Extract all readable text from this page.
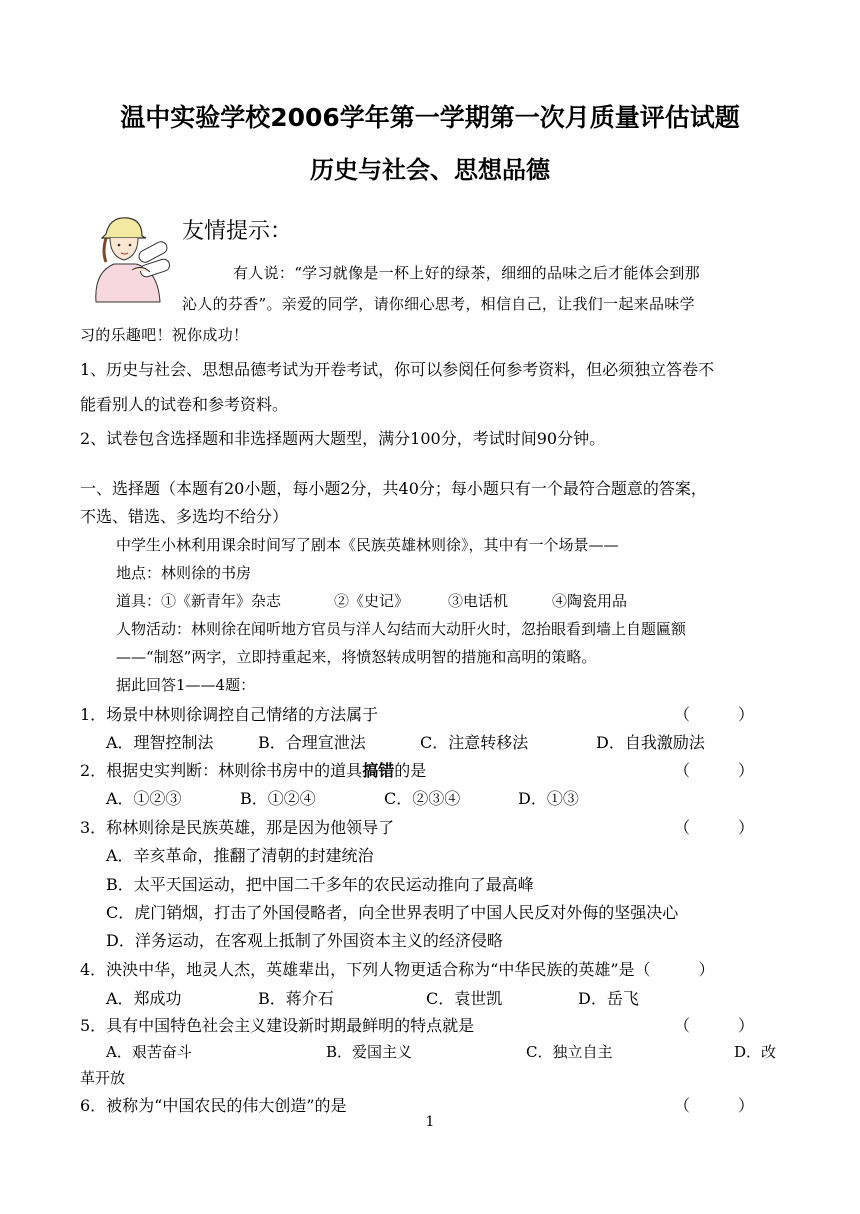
温中实验学校2006学年第一学期第一次月质量评估试题
历史与社会、思想品德
友情提示：
有人说：“学习就像是一杯上好的绿茶，细细的品味之后才能体会到那
沁人的芬香”。亲爱的同学，请你细心思考，相信自己，让我们一起来品味学
习的乐趣吧！祝你成功！
1、历史与社会、思想品德考试为开卷考试，你可以参阅任何参考资料，但必须独立答卷不
能看别人的试卷和参考资料。
2、试卷包含选择题和非选择题两大题型，满分100分，考试时间90分钟。
一、选择题（本题有20小题，每小题2分，共40分；每小题只有一个最符合题意的答案，
不选、错选、多选均不给分）
中学生小林利用课余时间写了剧本《民族英雄林则徐》，其中有一个场景——
地点：林则徐的书房
道具：①《新青年》杂志	②《史记》	③电话机	④陶瓷用品
人物活动：林则徐在闻听地方官员与洋人勾结而大动肝火时，忽抬眼看到墙上自题匾额
——“制怒”两字，立即持重起来，将愤怒转成明智的措施和高明的策略。
据此回答1——4题：
1．场景中林则徐调控自己情绪的方法属于	（　　　）
A．理智控制法	B．合理宣泄法	C．注意转移法	D．自我激励法
2．根据史实判断：林则徐书房中的道具搞错的是	（　　　）
A．①②③	B．①②④	C．②③④	D．①③
3．称林则徐是民族英雄，那是因为他领导了	（　　　）
A．辛亥革命，推翻了清朝的封建统治
B．太平天国运动，把中国二千多年的农民运动推向了最高峰
C．虎门销烟，打击了外国侵略者，向全世界表明了中国人民反对外侮的坚强决心
D．洋务运动，在客观上抵制了外国资本主义的经济侵略
4．泱泱中华，地灵人杰，英雄辈出，下列人物更适合称为“中华民族的英雄”是（　　　）
A．郑成功	B．蒋介石	C．袁世凯	D．岳飞
5．具有中国特色社会主义建设新时期最鲜明的特点就是	（　　　）
A．艰苦奋斗	B．爱国主义	C．独立自主	D．改
革开放
6．被称为“中国农民的伟大创造”的是	（　　　）
1
